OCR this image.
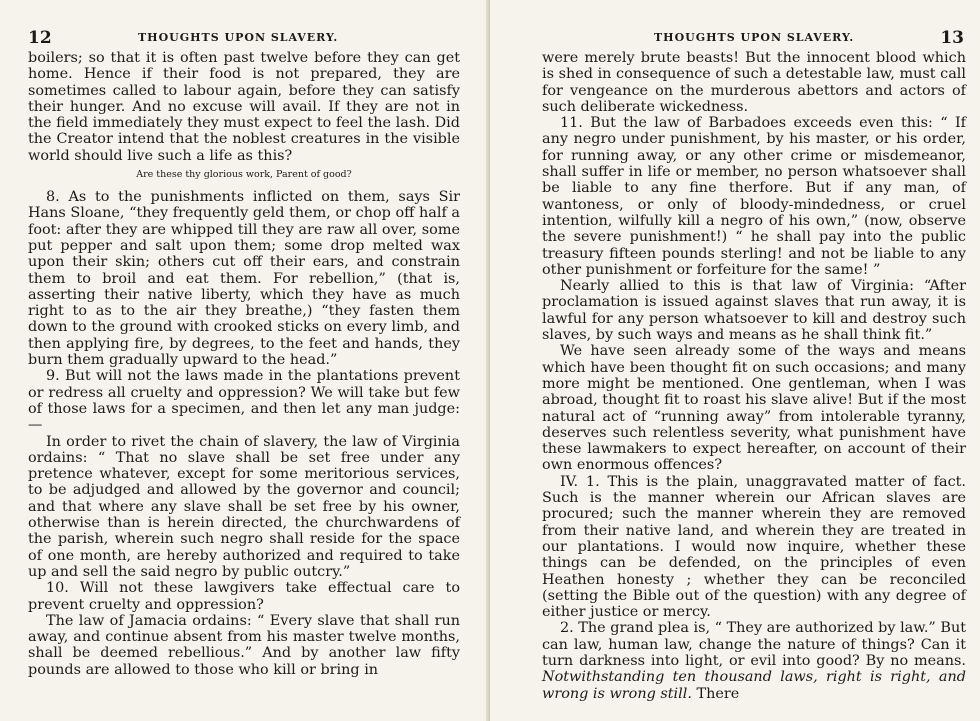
12	THOUGHTS UPON SLAVERY.

boilers; so that it is often past twelve before they can get home. Hence if their food is not prepared, they are sometimes called to labour again, before they can satisfy their hunger. And no excuse will avail. If they are not in the field immediately they must expect to feel the lash. Did the Creator intend that the noblest creatures in the visible world should live such a life as this?

Are these thy glorious work, Parent of good?

8. As to the punishments inflicted on them, says Sir Hans Sloane, “they frequently geld them, or chop off half a foot: after they are whipped till they are raw all over, some put pepper and salt upon them; some drop melted wax upon their skin; others cut off their ears, and constrain them to broil and eat them. For rebellion,” (that is, asserting their native liberty, which they have as much right to as to the air they breathe,) “they fasten them down to the ground with crooked sticks on every limb, and then applying fire, by degrees, to the feet and hands, they burn them gradually upward to the head.”

9. But will not the laws made in the plantations prevent or redress all cruelty and oppression? We will take but few of those laws for a specimen, and then let any man judge:—

In order to rivet the chain of slavery, the law of Virginia ordains: “ That no slave shall be set free under any pretence whatever, except for some meritorious services, to be adjudged and allowed by the governor and council; and that where any slave shall be set free by his owner, otherwise than is herein directed, the churchwardens of the parish, wherein such negro shall reside for the space of one month, are hereby authorized and required to take up and sell the said negro by public outcry.”

10. Will not these lawgivers take effectual care to prevent cruelty and oppression?

The law of Jamacia ordains: “ Every slave that shall run away, and continue absent from his master twelve months, shall be deemed rebellious.” And by another law fifty pounds are allowed to those who kill or bring in

THOUGHTS UPON SLAVERY.	13

were merely brute beasts! But the innocent blood which is shed in consequence of such a detestable law, must call for vengeance on the murderous abettors and actors of such deliberate wickedness.

11. But the law of Barbadoes exceeds even this: “ If any negro under punishment, by his master, or his order, for running away, or any other crime or misdemeanor, shall suffer in life or member, no person whatsoever shall be liable to any fine therfore. But if any man, of wantoness, or only of bloody-mindedness, or cruel intention, wilfully kill a negro of his own,” (now, observe the severe punishment!) “ he shall pay into the public treasury fifteen pounds sterling! and not be liable to any other punishment or forfeiture for the same! ”

Nearly allied to this is that law of Virginia: “After proclamation is issued against slaves that run away, it is lawful for any person whatsoever to kill and destroy such slaves, by such ways and means as he shall think fit.”

We have seen already some of the ways and means which have been thought fit on such occasions; and many more might be mentioned. One gentleman, when I was abroad, thought fit to roast his slave alive! But if the most natural act of “running away” from intolerable tyranny, deserves such relentless severity, what punishment have these lawmakers to expect hereafter, on account of their own enormous offences?

IV. 1. This is the plain, unaggravated matter of fact. Such is the manner wherein our African slaves are procured; such the manner wherein they are removed from their native land, and wherein they are treated in our plantations. I would now inquire, whether these things can be defended, on the principles of even Heathen honesty ; whether they can be reconciled (setting the Bible out of the question) with any degree of either justice or mercy.

2. The grand plea is, “ They are authorized by law.” But can law, human law, change the nature of things? Can it turn darkness into light, or evil into good? By no means. Notwithstanding ten thousand laws, right is right, and wrong is wrong still. There
